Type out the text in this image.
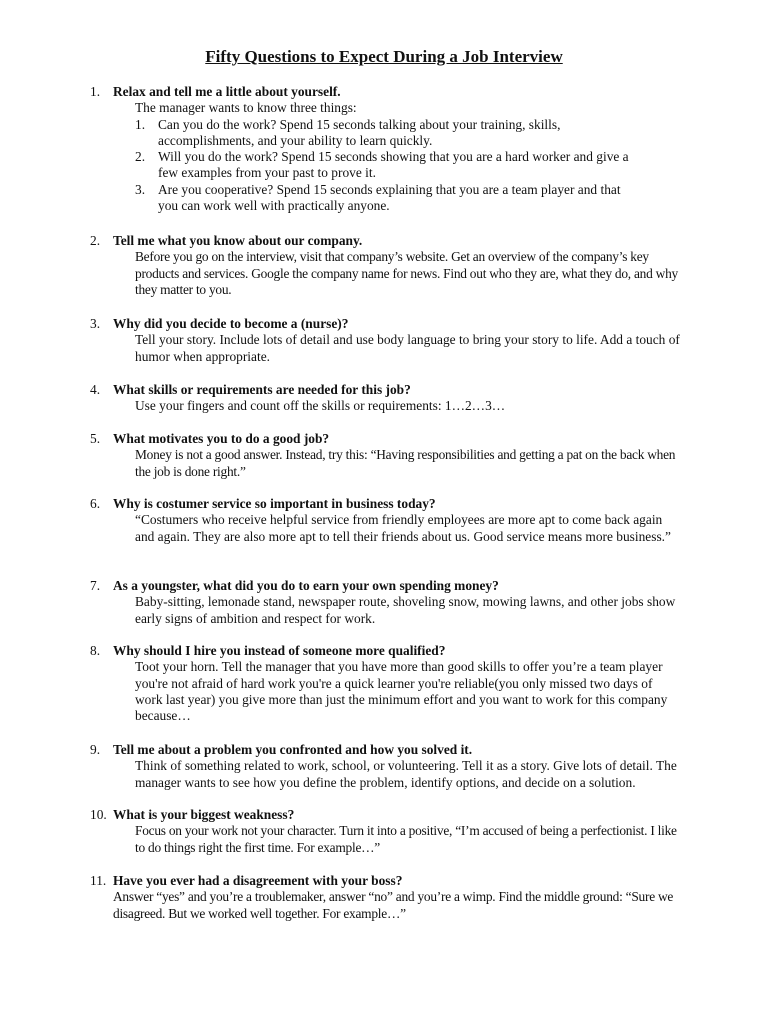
Fifty Questions to Expect During a Job Interview
1. Relax and tell me a little about yourself.
The manager wants to know three things:
1. Can you do the work? Spend 15 seconds talking about your training, skills, accomplishments, and your ability to learn quickly.
2. Will you do the work? Spend 15 seconds showing that you are a hard worker and give a few examples from your past to prove it.
3. Are you cooperative? Spend 15 seconds explaining that you are a team player and that you can work well with practically anyone.
2. Tell me what you know about our company.
Before you go on the interview, visit that company’s website. Get an overview of the company’s key products and services. Google the company name for news. Find out who they are, what they do, and why they matter to you.
3. Why did you decide to become a (nurse)?
Tell your story. Include lots of detail and use body language to bring your story to life. Add a touch of humor when appropriate.
4. What skills or requirements are needed for this job?
Use your fingers and count off the skills or requirements: 1…2…3…
5. What motivates you to do a good job?
Money is not a good answer. Instead, try this: “Having responsibilities and getting a pat on the back when the job is done right.”
6. Why is costumer service so important in business today?
“Costumers who receive helpful service from friendly employees are more apt to come back again and again. They are also more apt to tell their friends about us. Good service means more business.”
7. As a youngster, what did you do to earn your own spending money?
Baby-sitting, lemonade stand, newspaper route, shoveling snow, mowing lawns, and other jobs show early signs of ambition and respect for work.
8. Why should I hire you instead of someone more qualified?
Toot your horn. Tell the manager that you have more than good skills to offer you’re a team player you're not afraid of hard work you're a quick learner you're reliable(you only missed two days of work last year) you give more than just the minimum effort and you want to work for this company because…
9. Tell me about a problem you confronted and how you solved it.
Think of something related to work, school, or volunteering. Tell it as a story. Give lots of detail. The manager wants to see how you define the problem, identify options, and decide on a solution.
10. What is your biggest weakness?
Focus on your work not your character. Turn it into a positive, “I’m accused of being a perfectionist. I like to do things right the first time. For example…”
11. Have you ever had a disagreement with your boss?
Answer “yes” and you’re a troublemaker, answer “no” and you’re a wimp. Find the middle ground: “Sure we disagreed. But we worked well together. For example…”
